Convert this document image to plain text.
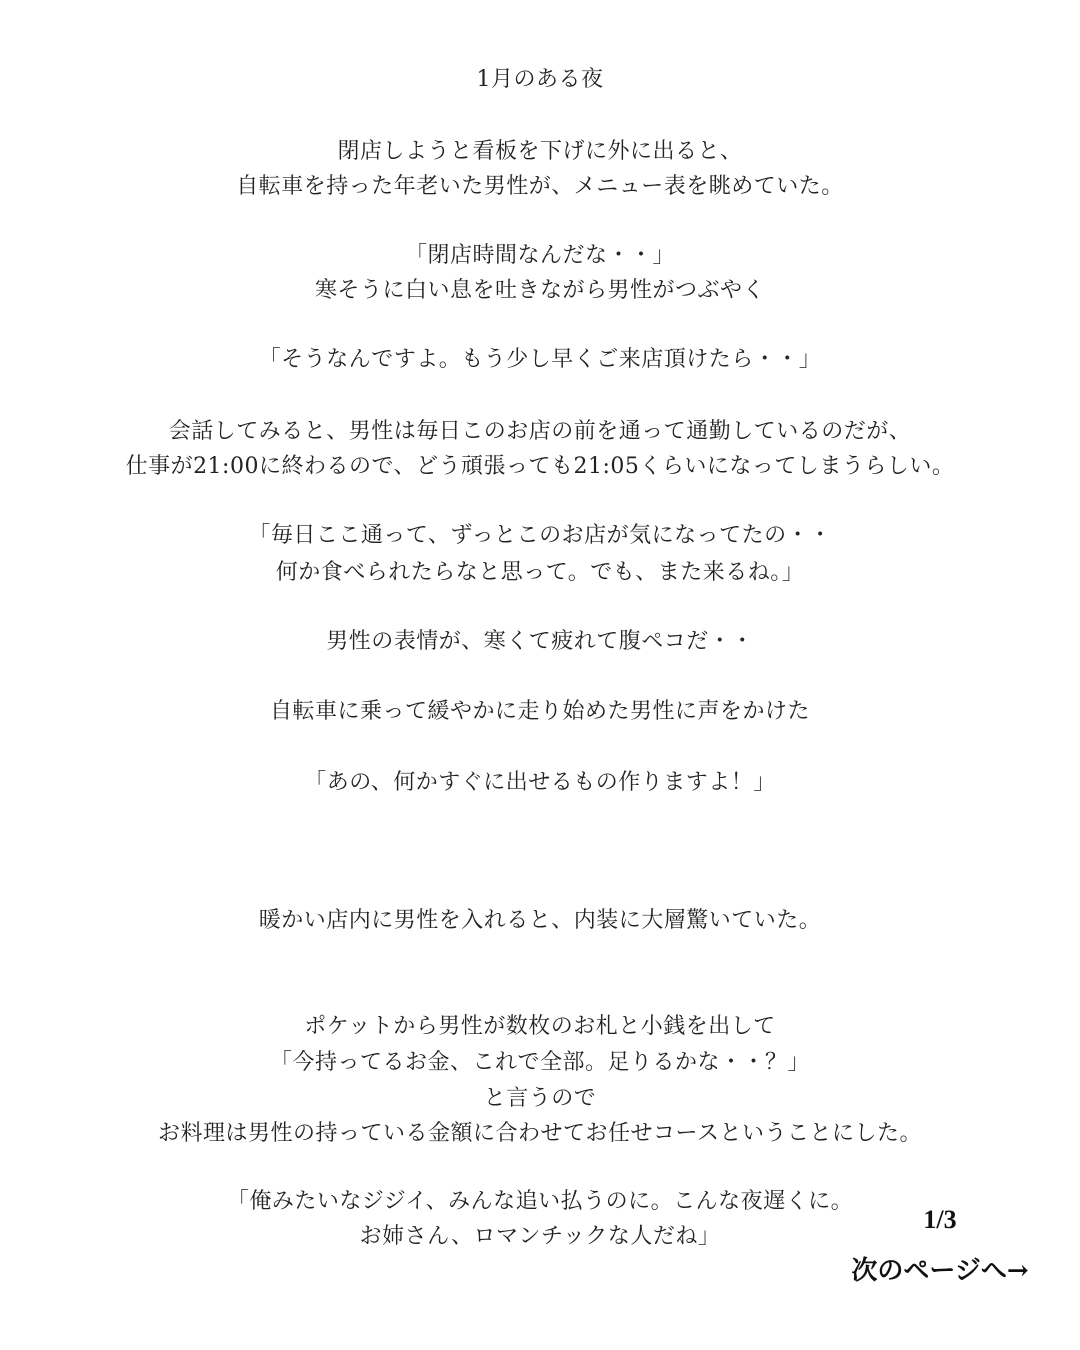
1月のある夜
閉店しようと看板を下げに外に出ると、
自転車を持った年老いた男性が、メニュー表を眺めていた。
「閉店時間なんだな・・」
寒そうに白い息を吐きながら男性がつぶやく
「そうなんですよ。もう少し早くご来店頂けたら・・」
会話してみると、男性は毎日このお店の前を通って通勤しているのだが、
仕事が21:00に終わるので、どう頑張っても21:05くらいになってしまうらしい。
「毎日ここ通って、ずっとこのお店が気になってたの・・
何か食べられたらなと思って。でも、また来るね。」
男性の表情が、寒くて疲れて腹ペコだ・・
自転車に乗って緩やかに走り始めた男性に声をかけた
「あの、何かすぐに出せるもの作りますよ！」
暖かい店内に男性を入れると、内装に大層驚いていた。
ポケットから男性が数枚のお札と小銭を出して
「今持ってるお金、これで全部。足りるかな・・？」
と言うので
お料理は男性の持っている金額に合わせてお任せコースということにした。
「俺みたいなジジイ、みんな追い払うのに。こんな夜遅くに。
お姉さん、ロマンチックな人だね」
1/3
次のページへ→
